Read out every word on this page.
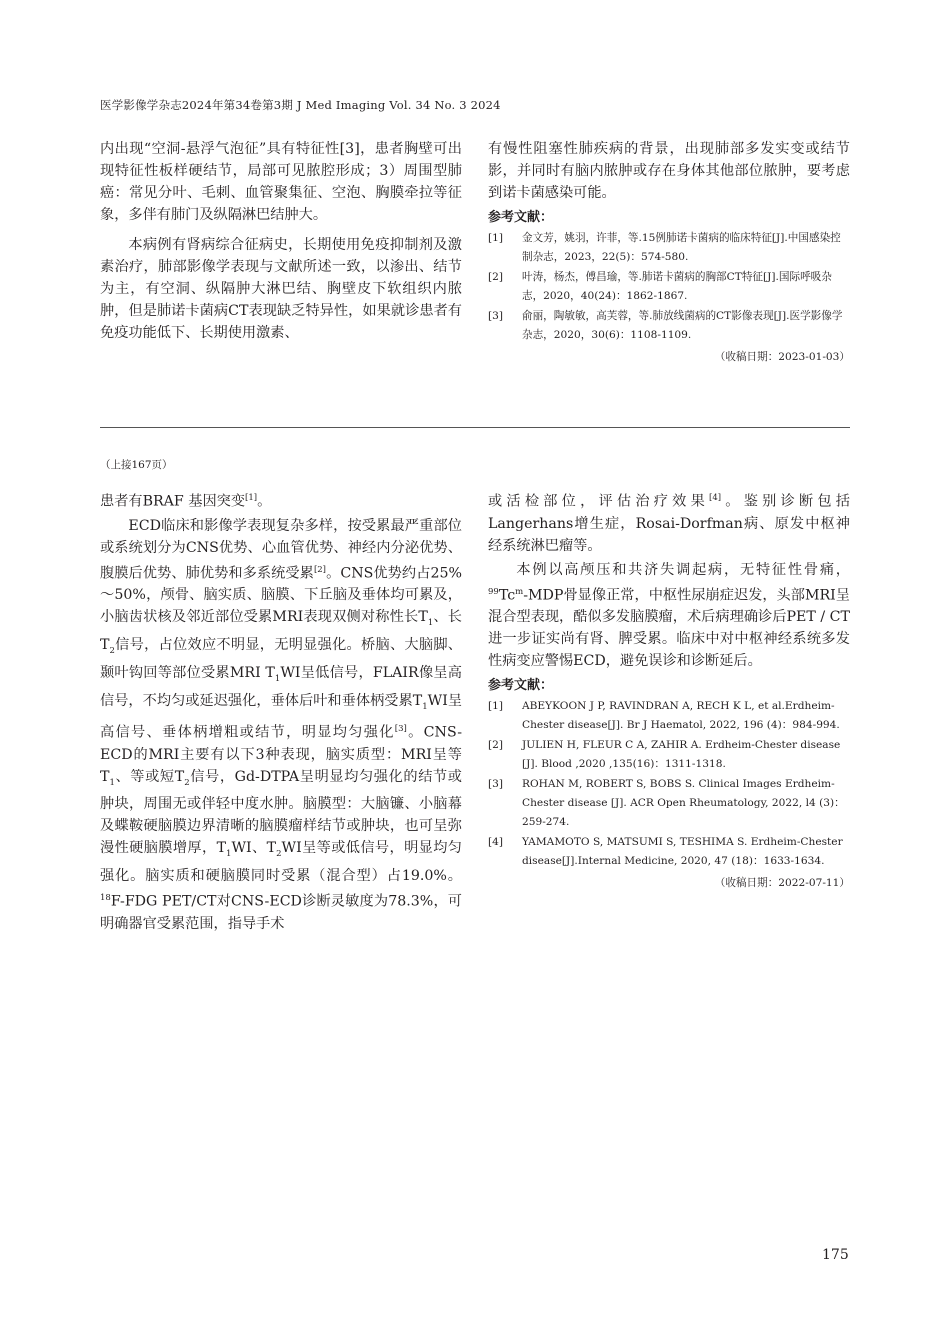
医学影像学杂志2024年第34卷第3期 J Med Imaging Vol. 34 No. 3 2024

内出现“空洞-悬浮气泡征”具有特征性[3]，患者胸壁可出现特征性板样硬结节，局部可见脓腔形成；3）周围型肺癌：常见分叶、毛刺、血管聚集征、空泡、胸膜牵拉等征象，多伴有肺门及纵隔淋巴结肿大。

本病例有肾病综合征病史，长期使用免疫抑制剂及激素治疗，肺部影像学表现与文献所述一致，以渗出、结节为主，有空洞、纵隔肿大淋巴结、胸壁皮下软组织内脓肿，但是肺诺卡菌病CT表现缺乏特异性，如果就诊患者有免疫功能低下、长期使用激素、

有慢性阻塞性肺疾病的背景，出现肺部多发实变或结节影，并同时有脑内脓肿或存在身体其他部位脓肿，要考虑到诺卡菌感染可能。

参考文献：
[1]	金文芳，姚羽，许菲，等.15例肺诺卡菌病的临床特征[J].中国感染控制杂志，2023，22(5)：574-580.
[2]	叶涛，杨杰，傅昌瑜，等.肺诺卡菌病的胸部CT特征[J].国际呼吸杂志，2020，40(24)：1862-1867.
[3]	俞丽，陶敏敏，高芙蓉，等.肺放线菌病的CT影像表现[J].医学影像学杂志，2020，30(6)：1108-1109.
（收稿日期：2023-01-03）
（上接167页）

患者有BRAF 基因突变[1]。

ECD临床和影像学表现复杂多样，按受累最严重部位或系统划分为CNS优势、心血管优势、神经内分泌优势、腹膜后优势、肺优势和多系统受累[2]。CNS优势约占25%～50%，颅骨、脑实质、脑膜、下丘脑及垂体均可累及，小脑齿状核及邻近部位受累MRI表现双侧对称性长$T_1$、长$T_2$信号，占位效应不明显，无明显强化。桥脑、大脑脚、颞叶钩回等部位受累MRI $T_1WI$呈低信号，FLAIR像呈高信号，不均匀或延迟强化，垂体后叶和垂体柄受累$T_1WI$呈高信号、垂体柄增粗或结节，明显均匀强化[3]。CNS-ECD的MRI主要有以下3种表现，脑实质型：MRI呈等$T_1$、等或短$T_2$信号，Gd-DTPA呈明显均匀强化的结节或肿块，周围无或伴轻中度水肿。脑膜型：大脑镰、小脑幕及蝶鞍硬脑膜边界清晰的脑膜瘤样结节或肿块，也可呈弥漫性硬脑膜增厚，$T_1WI$、$T_2WI$呈等或低信号，明显均匀强化。脑实质和硬脑膜同时受累（混合型）占19.0%。$^{18}$F-FDG PET/CT对CNS-ECD诊断灵敏度为78.3%，可明确器官受累范围，指导手术

或活检部位，评估治疗效果[4]。鉴别诊断包括Langerhans增生症，Rosai-Dorfman病、原发中枢神经系统淋巴瘤等。

本例以高颅压和共济失调起病，无特征性骨痛，$^{99}$Tc$^m$-MDP骨显像正常，中枢性尿崩症迟发，头部MRI呈混合型表现，酷似多发脑膜瘤，术后病理确诊后PET / CT进一步证实尚有肾、脾受累。临床中对中枢神经系统多发性病变应警惕ECD，避免误诊和诊断延后。

参考文献：
[1]	ABEYKOON J P, RAVINDRAN A, RECH K L, et al.Erdheim-Chester disease[J]. Br J Haematol, 2022, 196 (4)：984-994.
[2]	JULIEN H, FLEUR C A, ZAHIR A. Erdheim-Chester disease [J]. Blood ,2020 ,135(16)：1311-1318.
[3]	ROHAN M, ROBERT S, BOBS S. Clinical Images Erdheim-Chester disease [J]. ACR Open Rheumatology, 2022, l4 (3)：259-274.
[4]	YAMAMOTO S, MATSUMI S, TESHIMA S. Erdheim-Chester disease[J].Internal Medicine, 2020, 47 (18)：1633-1634.
（收稿日期：2022-07-11）
175
